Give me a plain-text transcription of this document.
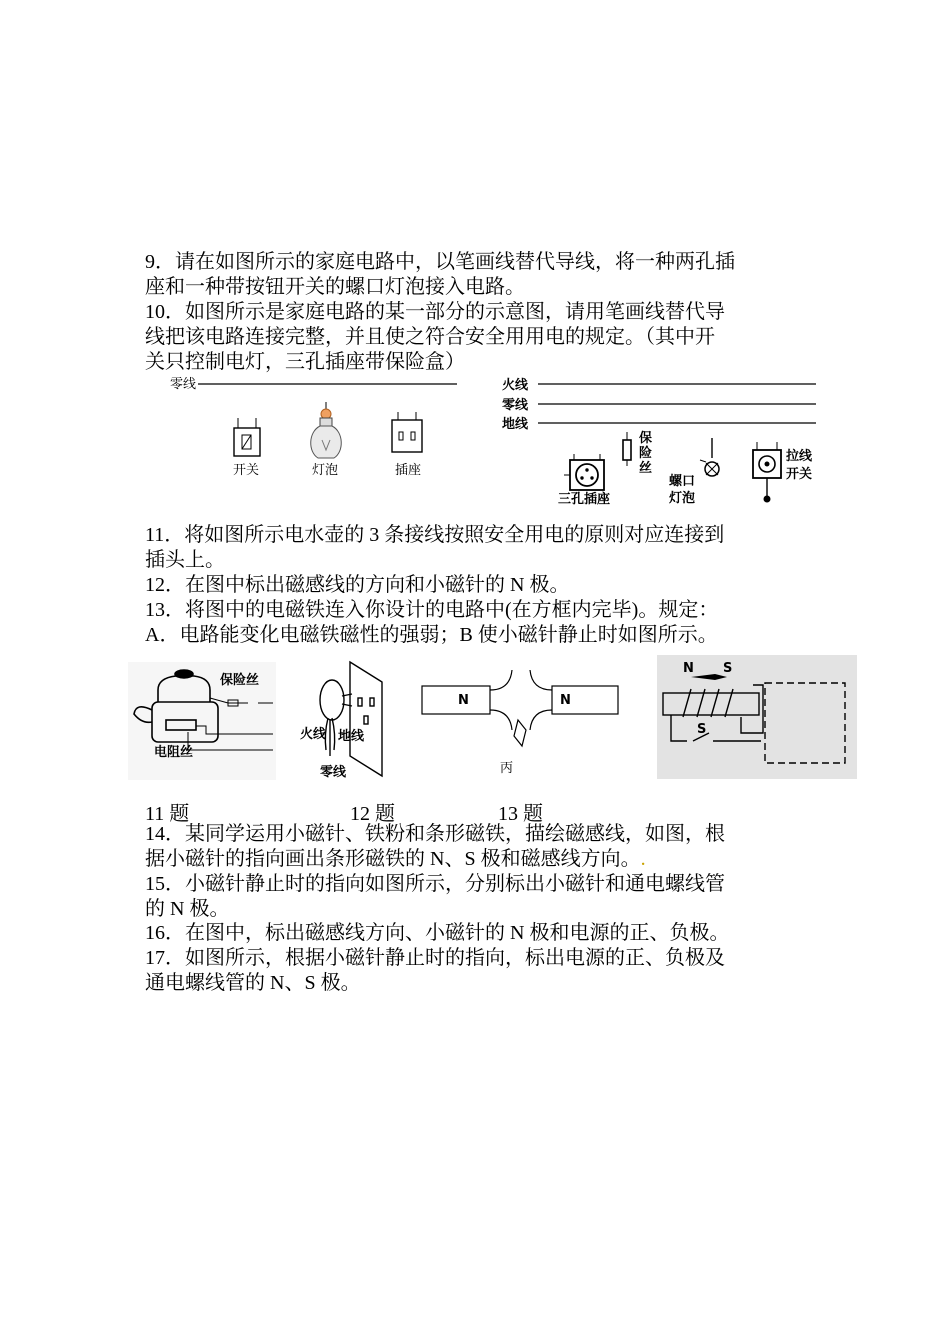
9．请在如图所示的家庭电路中，以笔画线替代导线，将一种两孔插
座和一种带按钮开关的螺口灯泡接入电路。
10．如图所示是家庭电路的某一部分的示意图，请用笔画线替代导
线把该电路连接完整，并且使之符合安全用用电的规定。（其中开
关只控制电灯，三孔插座带保险盒）
零线
开关	灯泡	插座
火线
零线
地线
三孔插座
保
险
丝
螺口
灯泡
拉线
开关
11．将如图所示电水壶的 3 条接线按照安全用电的原则对应连接到
插头上。
12．在图中标出磁感线的方向和小磁针的 N 极。
13．将图中的电磁铁连入你设计的电路中(在方框内完毕)。规定：
A．电路能变化电磁铁磁性的强弱；B 使小磁针静止时如图所示。
保险丝
电阻丝
火线 地线
零线
N	N
丙
N S
S
11 题	12 题	13 题
14．某同学运用小磁针、铁粉和条形磁铁，描绘磁感线，如图，根
据小磁针的指向画出条形磁铁的 N、S 极和磁感线方向。.
15．小磁针静止时的指向如图所示，分别标出小磁针和通电螺线管
的 N 极。
16．在图中，标出磁感线方向、小磁针的 N 极和电源的正、负极。
17．如图所示，根据小磁针静止时的指向，标出电源的正、负极及
通电螺线管的 N、S 极。
